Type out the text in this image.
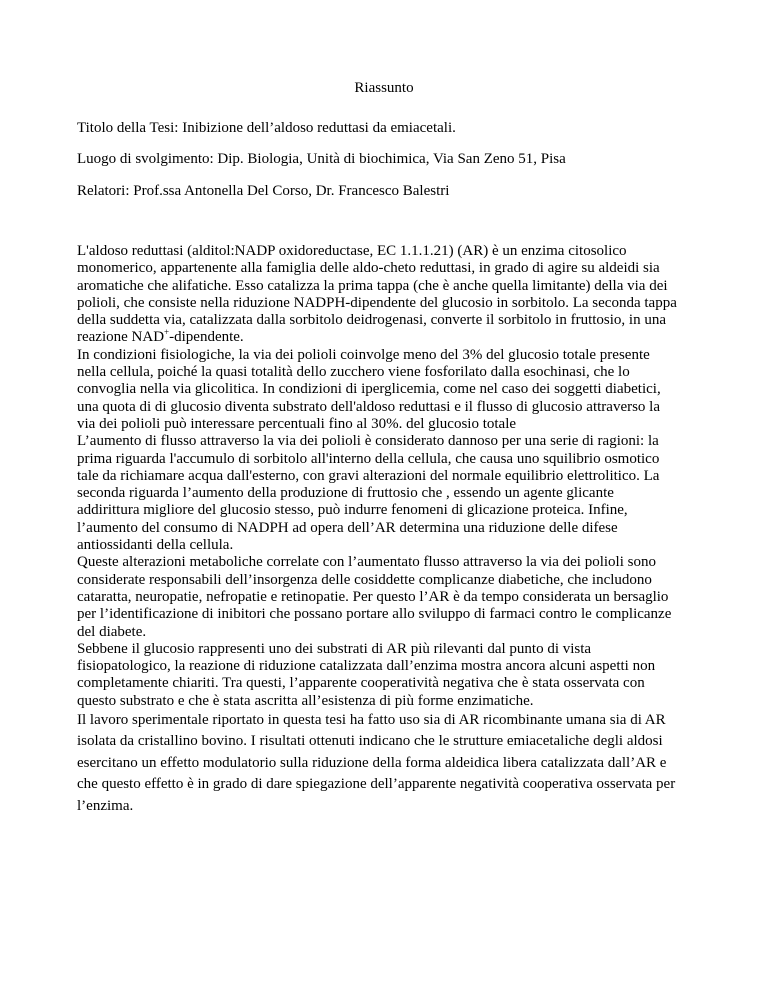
Riassunto

Titolo della Tesi: Inibizione dell’aldoso reduttasi da emiacetali.

Luogo di svolgimento: Dip. Biologia, Unità di biochimica, Via San Zeno 51, Pisa

Relatori: Prof.ssa Antonella Del Corso, Dr. Francesco Balestri

L'aldoso reduttasi (alditol:NADP oxidoreductase, EC 1.1.1.21) (AR) è un enzima citosolico
monomerico, appartenente alla famiglia delle aldo-cheto reduttasi, in grado di agire su aldeidi sia
aromatiche che alifatiche. Esso catalizza la prima tappa (che è anche quella limitante) della via dei
polioli, che consiste nella riduzione NADPH-dipendente del glucosio in sorbitolo. La seconda tappa
della suddetta via, catalizzata dalla sorbitolo deidrogenasi, converte il sorbitolo in fruttosio, in una
reazione NAD+-dipendente.

In condizioni fisiologiche, la via dei polioli coinvolge meno del 3% del glucosio totale presente
nella cellula, poiché la quasi totalità dello zucchero viene fosforilato dalla esochinasi, che lo
convoglia nella via glicolitica. In condizioni di iperglicemia, come nel caso dei soggetti diabetici,
una quota di di glucosio diventa substrato dell'aldoso reduttasi e il flusso di glucosio attraverso la
via dei polioli può interessare percentuali fino al 30%. del glucosio totale

L’aumento di flusso attraverso la via dei polioli è considerato dannoso per una serie di ragioni: la
prima riguarda l'accumulo di sorbitolo all'interno della cellula, che causa uno squilibrio osmotico
tale da richiamare acqua dall'esterno, con gravi alterazioni del normale equilibrio elettrolitico. La
seconda riguarda l’aumento della produzione di fruttosio che , essendo un agente glicante
addirittura migliore del glucosio stesso, può indurre fenomeni di glicazione proteica. Infine,
l’aumento del consumo di NADPH ad opera dell’AR determina una riduzione delle difese
antiossidanti della cellula.

Queste alterazioni metaboliche correlate con l’aumentato flusso attraverso la via dei polioli sono
considerate responsabili dell’insorgenza delle cosiddette complicanze diabetiche, che includono
cataratta, neuropatie, nefropatie e retinopatie. Per questo l’AR è da tempo considerata un bersaglio
per l’identificazione di inibitori che possano portare allo sviluppo di farmaci contro le complicanze
del diabete.

Sebbene il glucosio rappresenti uno dei substrati di AR più rilevanti dal punto di vista
fisiopatologico, la reazione di riduzione catalizzata dall’enzima mostra ancora alcuni aspetti non
completamente chiariti. Tra questi, l’apparente cooperatività negativa che è stata osservata con
questo substrato e che è stata ascritta all’esistenza di più forme enzimatiche.

Il lavoro sperimentale riportato in questa tesi ha fatto uso sia di AR ricombinante umana sia di AR
isolata da cristallino bovino. I risultati ottenuti indicano che le strutture emiacetaliche degli aldosi
esercitano un effetto modulatorio sulla riduzione della forma aldeidica libera catalizzata dall’AR e
che questo effetto è in grado di dare spiegazione dell’apparente negatività cooperativa osservata per
l’enzima.
